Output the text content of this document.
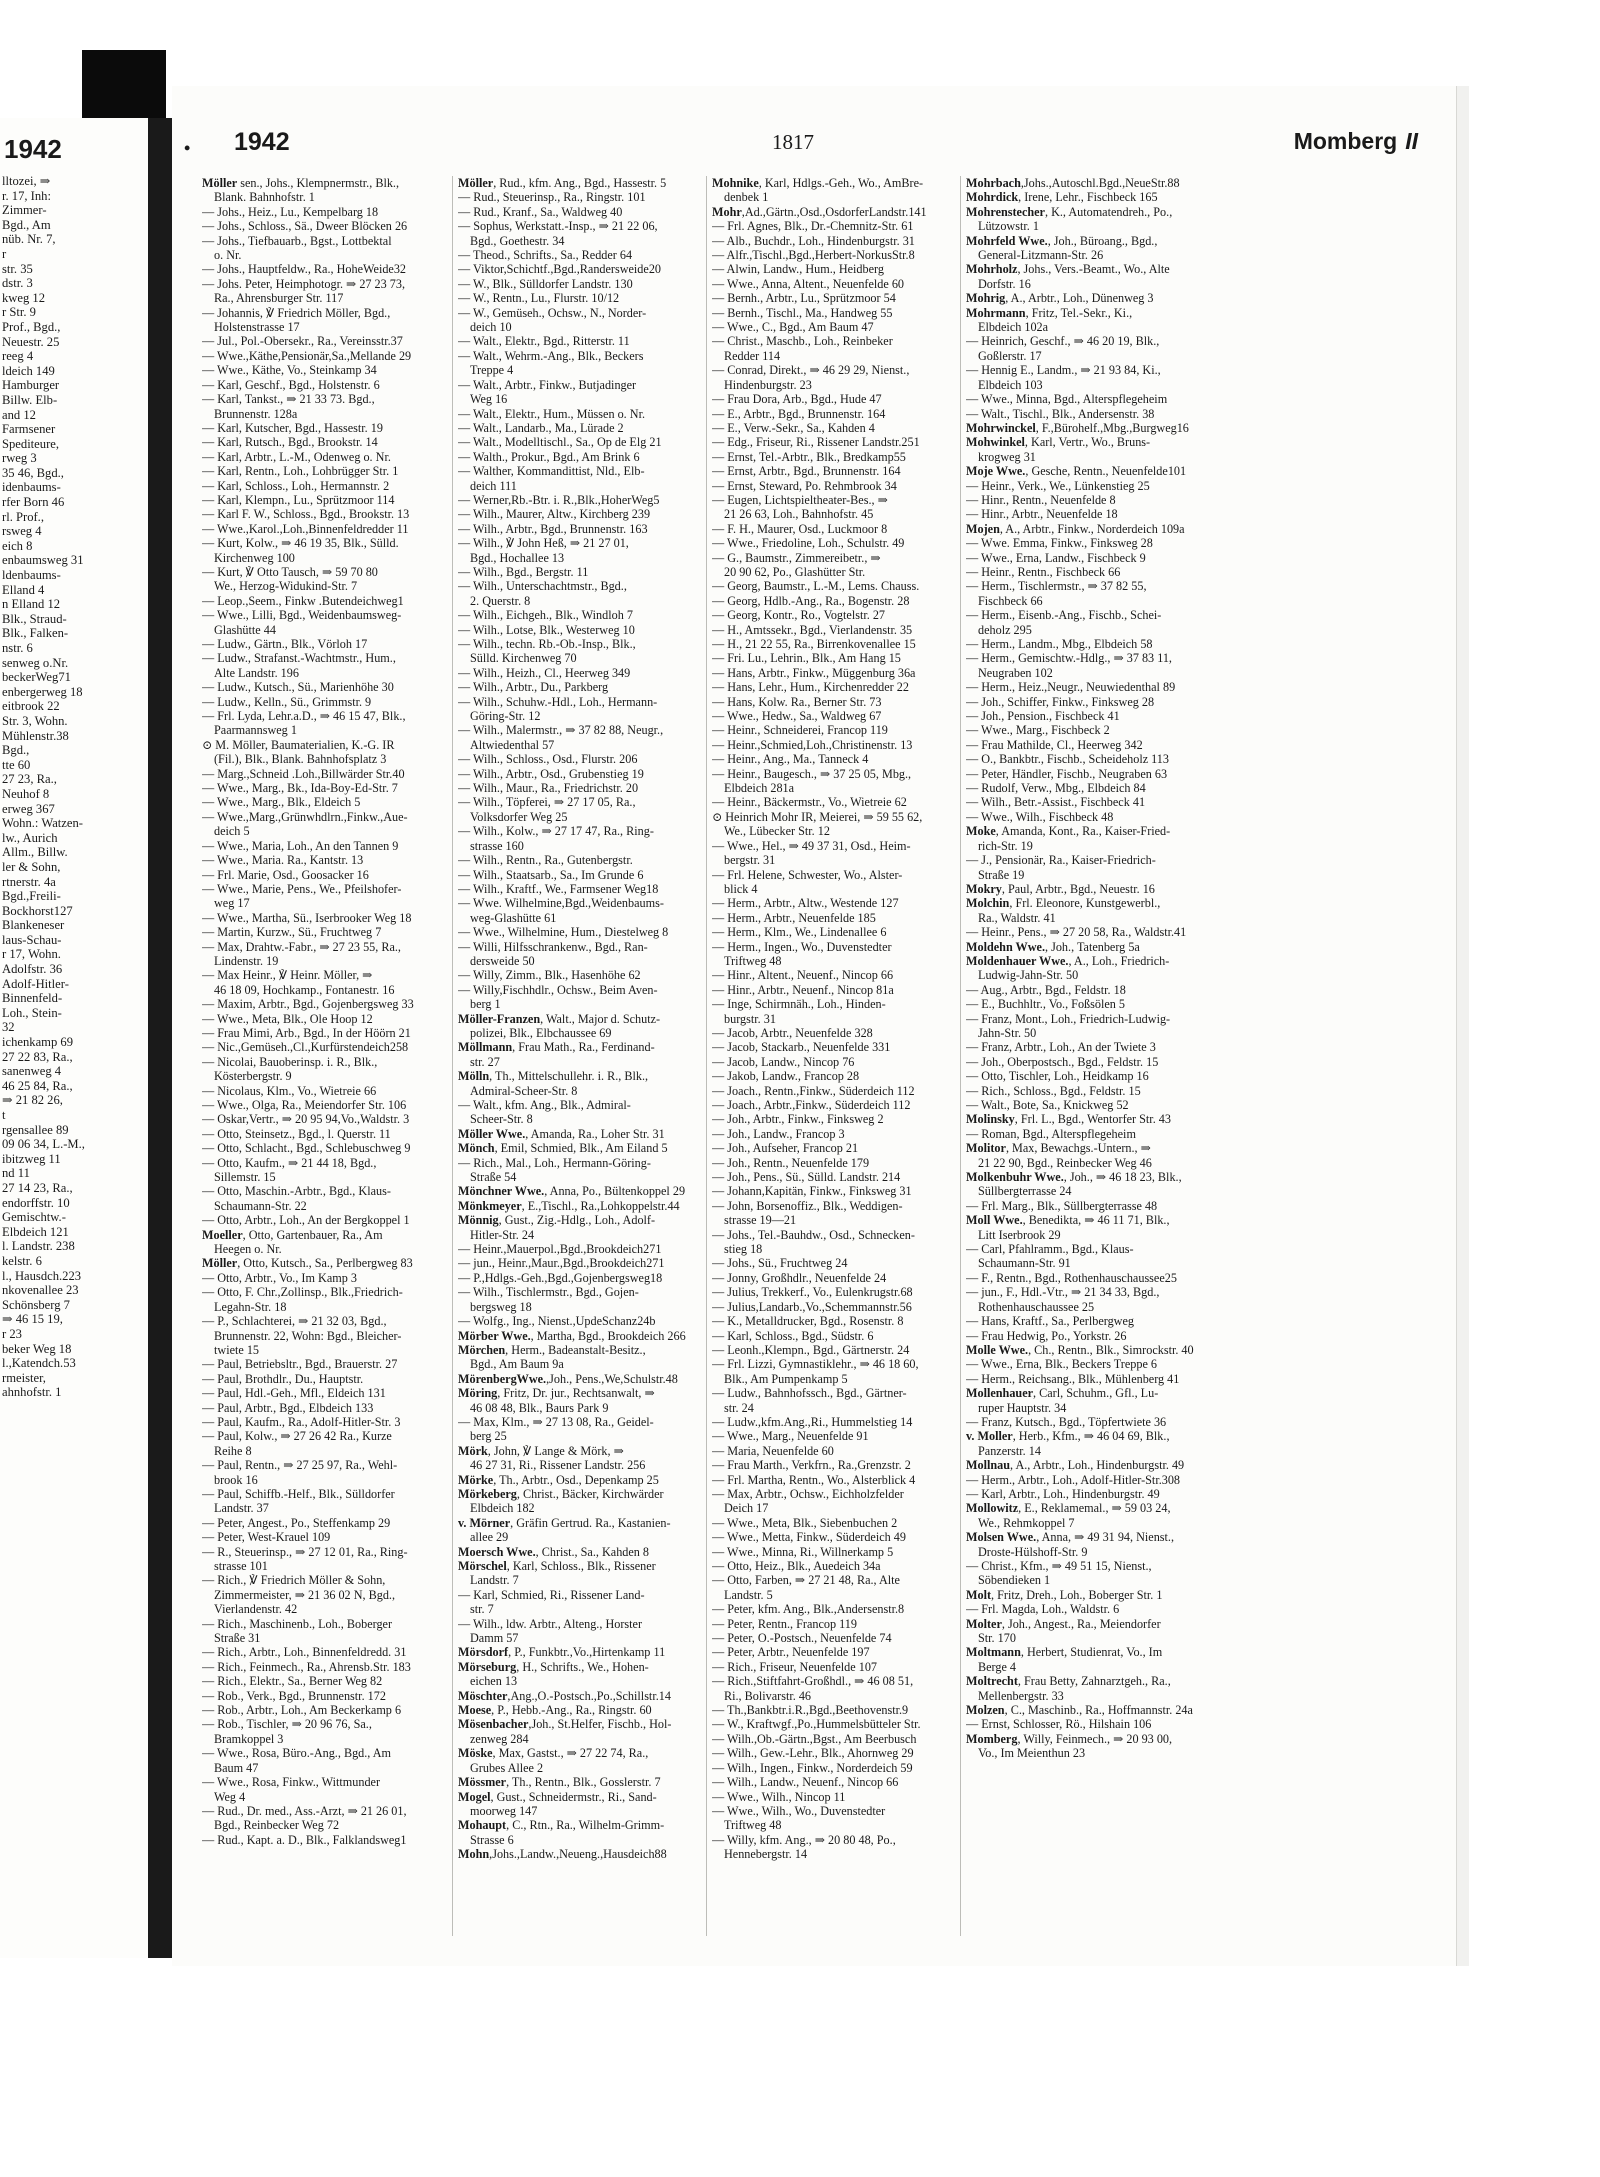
1942
lltozei, ⇒
r. 17, Inh:
Zimmer-
Bgd., Am
nüb. Nr. 7,
r
str. 35
dstr. 3
kweg 12
r Str. 9
Prof., Bgd.,
Neuestr. 25
reeg 4
ldeich 149
Hamburger
Billw. Elb-
and 12
Farmsener
Spediteure,
rweg 3
35 46, Bgd.,
idenbaums-
rfer Born 46
rl. Prof.,
rsweg 4
eich 8
enbaumsweg 31
ldenbaums-
Elland 4
n Elland 12
Blk., Straud-
Blk., Falken-
nstr. 6
senweg o.Nr.
beckerWeg71
enbergerweg 18
eitbrook 22
Str. 3, Wohn.
Mühlenstr.38
Bgd.,
tte 60
27 23, Ra.,
Neuhof 8
erweg 367
Wohn.: Watzen-
lw., Aurich
Allm., Billw.
ler & Sohn,
rtnerstr. 4a
Bgd.,Freili-
Bockhorst127
Blankeneser
laus-Schau-
r 17, Wohn.
Adolfstr. 36
Adolf-Hitler-
Binnenfeld-
Loh., Stein-
32
ichenkamp 69
27 22 83, Ra.,
sanenweg 4
46 25 84, Ra.,
⇒ 21 82 26,
t
rgensallee 89
09 06 34, L.-M.,
ibitzweg 11
nd 11
27 14 23, Ra.,
endorffstr. 10
Gemischtw.-
Elbdeich 121
l. Landstr. 238
kelstr. 6
l., Hausdch.223
nkovenallee 23
Schönsberg 7
⇒ 46 15 19,
r 23
beker Weg 18
l.,Katendch.53
rmeister,
ahnhofstr. 1
• 1942	1817	Momberg II
Möller sen., Johs., Klempnermstr., Blk.,
Blank. Bahnhofstr. 1
— Johs., Heiz., Lu., Kempelbarg 18
— Johs., Schloss., Sä., Dweer Blöcken 26
— Johs., Tiefbauarb., Bgst., Lottbektal
o. Nr.
— Johs., Hauptfeldw., Ra., HoheWeide32
— Johs. Peter, Heimphotogr. ⇒ 27 23 73,
Ra., Ahrensburger Str. 117
— Johannis, ℣ Friedrich Möller, Bgd.,
Holstenstrasse 17
— Jul., Pol.-Obersekr., Ra., Vereinsstr.37
— Wwe.,Käthe,Pensionär,Sa.,Mellande 29
— Wwe., Käthe, Vo., Steinkamp 34
— Karl, Geschf., Bgd., Holstenstr. 6
— Karl, Tankst., ⇒ 21 33 73. Bgd.,
Brunnenstr. 128a
— Karl, Kutscher, Bgd., Hassestr. 19
— Karl, Rutsch., Bgd., Brookstr. 14
— Karl, Arbtr., L.-M., Odenweg o. Nr.
— Karl, Rentn., Loh., Lohbrügger Str. 1
— Karl, Schloss., Loh., Hermannstr. 2
— Karl, Klempn., Lu., Sprützmoor 114
— Karl F. W., Schloss., Bgd., Brookstr. 13
— Wwe.,Karol.,Loh.,Binnenfeldredder 11
— Kurt, Kolw., ⇒ 46 19 35, Blk., Sülld.
Kirchenweg 100
— Kurt, ℣ Otto Tausch, ⇒ 59 70 80
We., Herzog-Widukind-Str. 7
— Leop.,Seem., Finkw .Butendeichweg1
— Wwe., Lilli, Bgd., Weidenbaumsweg-
Glashütte 44
— Ludw., Gärtn., Blk., Vörloh 17
— Ludw., Strafanst.-Wachtmstr., Hum.,
Alte Landstr. 196
— Ludw., Kutsch., Sü., Marienhöhe 30
— Ludw., Kelln., Sü., Grimmstr. 9
— Frl. Lyda, Lehr.a.D., ⇒ 46 15 47, Blk.,
Paarmannsweg 1
⊙ M. Möller, Baumaterialien, K.-G. IR
(Fil.), Blk., Blank. Bahnhofsplatz 3
— Marg.,Schneid .Loh.,Billwärder Str.40
— Wwe., Marg., Bk., Ida-Boy-Ed-Str. 7
— Wwe., Marg., Blk., Eldeich 5
— Wwe.,Marg.,Grünwhdlrn.,Finkw.,Aue-
deich 5
— Wwe., Maria, Loh., An den Tannen 9
— Wwe., Maria. Ra., Kantstr. 13
— Frl. Marie, Osd., Goosacker 16
— Wwe., Marie, Pens., We., Pfeilshofer-
weg 17
— Wwe., Martha, Sü., Iserbrooker Weg 18
— Martin, Kurzw., Sü., Fruchtweg 7
— Max, Drahtw.-Fabr., ⇒ 27 23 55, Ra.,
Lindenstr. 19
— Max Heinr., ℣ Heinr. Möller, ⇒
46 18 09, Hochkamp., Fontanestr. 16
— Maxim, Arbtr., Bgd., Gojenbergsweg 33
— Wwe., Meta, Blk., Ole Hoop 12
— Frau Mimi, Arb., Bgd., In der Höörn 21
— Nic.,Gemüseh.,Cl.,Kurfürstendeich258
— Nicolai, Bauoberinsp. i. R., Blk.,
Kösterbergstr. 9
— Nicolaus, Klm., Vo., Wietreie 66
— Wwe., Olga, Ra., Meiendorfer Str. 106
— Oskar,Vertr., ⇒ 20 95 94,Vo.,Waldstr. 3
— Otto, Steinsetz., Bgd., l. Querstr. 11
— Otto, Schlacht., Bgd., Schlebuschweg 9
— Otto, Kaufm., ⇒ 21 44 18, Bgd.,
Sillemstr. 15
— Otto, Maschin.-Arbtr., Bgd., Klaus-
Schaumann-Str. 22
— Otto, Arbtr., Loh., An der Bergkoppel 1
Moeller, Otto, Gartenbauer, Ra., Am
Heegen o. Nr.
Möller, Otto, Kutsch., Sa., Perlbergweg 83
— Otto, Arbtr., Vo., Im Kamp 3
— Otto, F. Chr.,Zollinsp., Blk.,Friedrich-
Legahn-Str. 18
— P., Schlachterei, ⇒ 21 32 03, Bgd.,
Brunnenstr. 22, Wohn: Bgd., Bleicher-
twiete 15
— Paul, Betriebsltr., Bgd., Brauerstr. 27
— Paul, Brothdlr., Du., Hauptstr.
— Paul, Hdl.-Geh., Mfl., Eldeich 131
— Paul, Arbtr., Bgd., Elbdeich 133
— Paul, Kaufm., Ra., Adolf-Hitler-Str. 3
— Paul, Kolw., ⇒ 27 26 42 Ra., Kurze
Reihe 8
— Paul, Rentn., ⇒ 27 25 97, Ra., Wehl-
brook 16
— Paul, Schiffb.-Helf., Blk., Sülldorfer
Landstr. 37
— Peter, Angest., Po., Steffenkamp 29
— Peter, West-Krauel 109
— R., Steuerinsp., ⇒ 27 12 01, Ra., Ring-
strasse 101
— Rich., ℣ Friedrich Möller & Sohn,
Zimmermeister, ⇒ 21 36 02 N, Bgd.,
Vierlandenstr. 42
— Rich., Maschinenb., Loh., Boberger
Straße 31
— Rich., Arbtr., Loh., Binnenfeldredd. 31
— Rich., Feinmech., Ra., Ahrensb.Str. 183
— Rich., Elektr., Sa., Berner Weg 82
— Rob., Verk., Bgd., Brunnenstr. 172
— Rob., Arbtr., Loh., Am Beckerkamp 6
— Rob., Tischler, ⇒ 20 96 76, Sa.,
Bramkoppel 3
— Wwe., Rosa, Büro.-Ang., Bgd., Am
Baum 47
— Wwe., Rosa, Finkw., Wittmunder
Weg 4
— Rud., Dr. med., Ass.-Arzt, ⇒ 21 26 01,
Bgd., Reinbecker Weg 72
— Rud., Kapt. a. D., Blk., Falklandsweg1
Möller, Rud., kfm. Ang., Bgd., Hassestr. 5
— Rud., Steuerinsp., Ra., Ringstr. 101
— Rud., Kranf., Sa., Waldweg 40
— Sophus, Werkstatt.-Insp., ⇒ 21 22 06,
Bgd., Goethestr. 34
— Theod., Schrifts., Sa., Redder 64
— Viktor,Schichtf.,Bgd.,Randersweide20
— W., Blk., Sülldorfer Landstr. 130
— W., Rentn., Lu., Flurstr. 10/12
— W., Gemüseh., Ochsw., N., Norder-
deich 10
— Walt., Elektr., Bgd., Ritterstr. 11
— Walt., Wehrm.-Ang., Blk., Beckers
Treppe 4
— Walt., Arbtr., Finkw., Butjadinger
Weg 16
— Walt., Elektr., Hum., Müssen o. Nr.
— Walt., Landarb., Ma., Lürade 2
— Walt., Modelltischl., Sa., Op de Elg 21
— Walth., Prokur., Bgd., Am Brink 6
— Walther, Kommandittist, Nld., Elb-
deich 111
— Werner,Rb.-Btr. i. R.,Blk.,HoherWeg5
— Wilh., Maurer, Altw., Kirchberg 239
— Wilh., Arbtr., Bgd., Brunnenstr. 163
— Wilh., ℣ John Heß, ⇒ 21 27 01,
Bgd., Hochallee 13
— Wilh., Bgd., Bergstr. 11
— Wilh., Unterschachtmstr., Bgd.,
2. Querstr. 8
— Wilh., Eichgeh., Blk., Windloh 7
— Wilh., Lotse, Blk., Westerweg 10
— Wilh., techn. Rb.-Ob.-Insp., Blk.,
Sülld. Kirchenweg 70
— Wilh., Heizh., Cl., Heerweg 349
— Wilh., Arbtr., Du., Parkberg
— Wilh., Schuhw.-Hdl., Loh., Hermann-
Göring-Str. 12
— Wilh., Malermstr., ⇒ 37 82 88, Neugr.,
Altwiedenthal 57
— Wilh., Schloss., Osd., Flurstr. 206
— Wilh., Arbtr., Osd., Grubenstieg 19
— Wilh., Maur., Ra., Friedrichstr. 20
— Wilh., Töpferei, ⇒ 27 17 05, Ra.,
Volksdorfer Weg 25
— Wilh., Kolw., ⇒ 27 17 47, Ra., Ring-
strasse 160
— Wilh., Rentn., Ra., Gutenbergstr.
— Wilh., Staatsarb., Sa., Im Grunde 6
— Wilh., Kraftf., We., Farmsener Weg18
— Wwe. Wilhelmine,Bgd.,Weidenbaums-
weg-Glashütte 61
— Wwe., Wilhelmine, Hum., Diestelweg 8
— Willi, Hilfsschrankenw., Bgd., Ran-
dersweide 50
— Willy, Zimm., Blk., Hasenhöhe 62
— Willy,Fischhdlr., Ochsw., Beim Aven-
berg 1
Möller-Franzen, Walt., Major d. Schutz-
polizei, Blk., Elbchaussee 69
Möllmann, Frau Math., Ra., Ferdinand-
str. 27
Mölln, Th., Mittelschullehr. i. R., Blk.,
Admiral-Scheer-Str. 8
— Walt., kfm. Ang., Blk., Admiral-
Scheer-Str. 8
Möller Wwe., Amanda, Ra., Loher Str. 31
Mönch, Emil, Schmied, Blk., Am Eiland 5
— Rich., Mal., Loh., Hermann-Göring-
Straße 54
Mönchner Wwe., Anna, Po., Bültenkoppel 29
Mönkmeyer, E.,Tischl., Ra.,Lohkoppelstr.44
Mönnig, Gust., Zig.-Hdlg., Loh., Adolf-
Hitler-Str. 24
— Heinr.,Mauerpol.,Bgd.,Brookdeich271
— jun., Heinr.,Maur.,Bgd.,Brookdeich271
— P.,Hdlgs.-Geh.,Bgd.,Gojenbergsweg18
— Wilh., Tischlermstr., Bgd., Gojen-
bergsweg 18
— Wolfg., Ing., Nienst.,UpdeSchanz24b
Mörber Wwe., Martha, Bgd., Brookdeich 266
Mörchen, Herm., Badeanstalt-Besitz.,
Bgd., Am Baum 9a
MörenbergWwe.,Joh., Pens.,We,Schulstr.48
Möring, Fritz, Dr. jur., Rechtsanwalt, ⇒
46 08 48, Blk., Baurs Park 9
— Max, Klm., ⇒ 27 13 08, Ra., Geidel-
berg 25
Mörk, John, ℣ Lange & Mörk, ⇒
46 27 31, Ri., Rissener Landstr. 256
Mörke, Th., Arbtr., Osd., Depenkamp 25
Mörkeberg, Christ., Bäcker, Kirchwärder
Elbdeich 182
v. Mörner, Gräfin Gertrud. Ra., Kastanien-
allee 29
Moersch Wwe., Christ., Sa., Kahden 8
Mörschel, Karl, Schloss., Blk., Rissener
Landstr. 7
— Karl, Schmied, Ri., Rissener Land-
str. 7
— Wilh., ldw. Arbtr., Alteng., Horster
Damm 57
Mörsdorf, P., Funkbtr.,Vo.,Hirtenkamp 11
Mörseburg, H., Schrifts., We., Hohen-
eichen 13
Möschter,Ang.,O.-Postsch.,Po.,Schillstr.14
Moese, P., Hebb.-Ang., Ra., Ringstr. 60
Mösenbacher,Joh., St.Helfer, Fischb., Hol-
zenweg 284
Möske, Max, Gastst., ⇒ 27 22 74, Ra.,
Grubes Allee 2
Mössmer, Th., Rentn., Blk., Gosslerstr. 7
Mogel, Gust., Schneidermstr., Ri., Sand-
moorweg 147
Mohaupt, C., Rtn., Ra., Wilhelm-Grimm-
Strasse 6
Mohn,Johs.,Landw.,Neueng.,Hausdeich88
Mohnike, Karl, Hdlgs.-Geh., Wo., AmBre-
denbek 1
Mohr,Ad.,Gärtn.,Osd.,OsdorferLandstr.141
— Frl. Agnes, Blk., Dr.-Chemnitz-Str. 61
— Alb., Buchdr., Loh., Hindenburgstr. 31
— Alfr.,Tischl.,Bgd.,Herbert-NorkusStr.8
— Alwin, Landw., Hum., Heidberg
— Wwe., Anna, Altent., Neuenfelde 60
— Bernh., Arbtr., Lu., Sprützmoor 54
— Bernh., Tischl., Ma., Handweg 55
— Wwe., C., Bgd., Am Baum 47
— Christ., Maschb., Loh., Reinbeker
Redder 114
— Conrad, Direkt., ⇒ 46 29 29, Nienst.,
Hindenburgstr. 23
— Frau Dora, Arb., Bgd., Hude 47
— E., Arbtr., Bgd., Brunnenstr. 164
— E., Verw.-Sekr., Sa., Kahden 4
— Edg., Friseur, Ri., Rissener Landstr.251
— Ernst, Tel.-Arbtr., Blk., Bredkamp55
— Ernst, Arbtr., Bgd., Brunnenstr. 164
— Ernst, Steward, Po. Rehmbrook 34
— Eugen, Lichtspieltheater-Bes., ⇒
21 26 63, Loh., Bahnhofstr. 45
— F. H., Maurer, Osd., Luckmoor 8
— Wwe., Friedoline, Loh., Schulstr. 49
— G., Baumstr., Zimmereibetr., ⇒
20 90 62, Po., Glashütter Str.
— Georg, Baumstr., L.-M., Lems. Chauss.
— Georg, Hdlb.-Ang., Ra., Bogenstr. 28
— Georg, Kontr., Ro., Vogtelstr. 27
— H., Amtssekr., Bgd., Vierlandenstr. 35
— H., 21 22 55, Ra., Birrenkovenallee 15
— Fri. Lu., Lehrin., Blk., Am Hang 15
— Hans, Arbtr., Finkw., Müggenburg 36a
— Hans, Lehr., Hum., Kirchenredder 22
— Hans, Kolw. Ra., Berner Str. 73
— Wwe., Hedw., Sa., Waldweg 67
— Heinr., Schneiderei, Francop 119
— Heinr.,Schmied,Loh.,Christinenstr. 13
— Heinr., Ang., Ma., Tanneck 4
— Heinr., Baugesch., ⇒ 37 25 05, Mbg.,
Elbdeich 281a
— Heinr., Bäckermstr., Vo., Wietreie 62
⊙ Heinrich Mohr IR, Meierei, ⇒ 59 55 62,
We., Lübecker Str. 12
— Wwe., Hel., ⇒ 49 37 31, Osd., Heim-
bergstr. 31
— Frl. Helene, Schwester, Wo., Alster-
blick 4
— Herm., Arbtr., Altw., Westende 127
— Herm., Arbtr., Neuenfelde 185
— Herm., Klm., We., Lindenallee 6
— Herm., Ingen., Wo., Duvenstedter
Triftweg 48
— Hinr., Altent., Neuenf., Nincop 66
— Hinr., Arbtr., Neuenf., Nincop 81a
— Inge, Schirmnäh., Loh., Hinden-
burgstr. 31
— Jacob, Arbtr., Neuenfelde 328
— Jacob, Stackarb., Neuenfelde 331
— Jacob, Landw., Nincop 76
— Jakob, Landw., Francop 28
— Joach., Rentn.,Finkw., Süderdeich 112
— Joach., Arbtr.,Finkw., Süderdeich 112
— Joh., Arbtr., Finkw., Finkswеg 2
— Joh., Landw., Francop 3
— Joh., Aufseher, Francop 21
— Joh., Rentn., Neuenfelde 179
— Joh., Pens., Sü., Sülld. Landstr. 214
— Johann,Kapitän, Finkw., Finksweg 31
— John, Borsenoffiz., Blk., Weddigen-
strasse 19—21
— Johs., Tel.-Bauhdw., Osd., Schnecken-
stieg 18
— Johs., Sü., Fruchtweg 24
— Jonny, Großhdlr., Neuenfelde 24
— Julius, Trekkerf., Vo., Eulenkrugstr.68
— Julius,Landarb.,Vo.,Schemmannstr.56
— K., Metalldrucker, Bgd., Rosenstr. 8
— Karl, Schloss., Bgd., Südstr. 6
— Leonh.,Klempn., Bgd., Gärtnerstr. 24
— Frl. Lizzi, Gymnastiklehr., ⇒ 46 18 60,
Blk., Am Pumpenkamp 5
— Ludw., Bahnhofssch., Bgd., Gärtner-
str. 24
— Ludw.,kfm.Ang.,Ri., Hummelstieg 14
— Wwe., Marg., Neuenfelde 91
— Maria, Neuenfelde 60
— Frau Marth., Verkfrn., Ra.,Grenzstr. 2
— Frl. Martha, Rentn., Wo., Alsterblick 4
— Max, Arbtr., Ochsw., Eichholzfelder
Deich 17
— Wwe., Meta, Blk., Siebenbuchen 2
— Wwe., Metta, Finkw., Süderdeich 49
— Wwe., Minna, Ri., Willnerkamp 5
— Otto, Heiz., Blk., Auedeich 34a
— Otto, Farben, ⇒ 27 21 48, Ra., Alte
Landstr. 5
— Peter, kfm. Ang., Blk.,Andersenstr.8
— Peter, Rentn., Francop 119
— Peter, O.-Postsch., Neuenfelde 74
— Peter, Arbtr., Neuenfelde 197
— Rich., Friseur, Neuenfelde 107
— Rich.,Stiftfahrt-Großhdl., ⇒ 46 08 51,
Ri., Bolivarstr. 46
— Th.,Bankbtr.i.R.,Bgd.,Beethovenstr.9
— W., Kraftwgf.,Po.,Hummelsbütteler Str.
— Wilh.,Ob.-Gärtn.,Bgst., Am Beerbusch
— Wilh., Gew.-Lehr., Blk., Ahornweg 29
— Wilh., Ingen., Finkw., Norderdeich 59
— Wilh., Landw., Neuenf., Nincop 66
— Wwe., Wilh., Nincop 11
— Wwe., Wilh., Wo., Duvenstedter
Triftweg 48
— Willy, kfm. Ang., ⇒ 20 80 48, Po.,
Hennebergstr. 14
Mohrbach,Johs.,Autoschl.Bgd.,NeueStr.88
Mohrdick, Irene, Lehr., Fischbeck 165
Mohrenstecher, K., Automatendreh., Po.,
Lützowstr. 1
Mohrfeld Wwe., Joh., Büroang., Bgd.,
General-Litzmann-Str. 26
Mohrholz, Johs., Vers.-Beamt., Wo., Alte
Dorfstr. 16
Mohrig, A., Arbtr., Loh., Dünenweg 3
Mohrmann, Fritz, Tel.-Sekr., Ki.,
Elbdeich 102a
— Heinrich, Geschf., ⇒ 46 20 19, Blk.,
Goßlerstr. 17
— Hennig E., Landm., ⇒ 21 93 84, Ki.,
Elbdeich 103
— Wwe., Minna, Bgd., Alterspflegeheim
— Walt., Tischl., Blk., Andersenstr. 38
Mohrwinckel, F.,Bürohelf.,Mbg.,Burgweg16
Mohwinkel, Karl, Vertr., Wo., Bruns-
krogweg 31
Moje Wwe., Gesche, Rentn., Neuenfelde101
— Heinr., Verk., We., Lünkenstieg 25
— Hinr., Rentn., Neuenfelde 8
— Hinr., Arbtr., Neuenfelde 18
Mojen, A., Arbtr., Finkw., Norderdeich 109a
— Wwe. Emma, Finkw., Finksweg 28
— Wwe., Erna, Landw., Fischbeck 9
— Heinr., Rentn., Fischbeck 66
— Herm., Tischlermstr., ⇒ 37 82 55,
Fischbeck 66
— Herm., Eisenb.-Ang., Fischb., Schei-
deholz 295
— Herm., Landm., Mbg., Elbdeich 58
— Herm., Gemischtw.-Hdlg., ⇒ 37 83 11,
Neugraben 102
— Herm., Heiz.,Neugr., Neuwiedenthal 89
— Joh., Schiffer, Finkw., Finksweg 28
— Joh., Pension., Fischbeck 41
— Wwe., Marg., Fischbeck 2
— Frau Mathilde, Cl., Heerweg 342
— O., Bankbtr., Fischb., Scheideholz 113
— Peter, Händler, Fischb., Neugraben 63
— Rudolf, Verw., Mbg., Elbdeich 84
— Wilh., Betr.-Assist., Fischbeck 41
— Wwe., Wilh., Fischbeck 48
Moke, Amanda, Kont., Ra., Kaiser-Fried-
rich-Str. 19
— J., Pensionär, Ra., Kaiser-Friedrich-
Straße 19
Mokry, Paul, Arbtr., Bgd., Neuestr. 16
Molchin, Frl. Eleonore, Kunstgewerbl.,
Ra., Waldstr. 41
— Heinr., Pens., ⇒ 27 20 58, Ra., Waldstr.41
Moldehn Wwe., Joh., Tatenberg 5a
Moldenhauer Wwe., A., Loh., Friedrich-
Ludwig-Jahn-Str. 50
— Aug., Arbtr., Bgd., Feldstr. 18
— E., Buchhltr., Vo., Foßsölen 5
— Franz, Mont., Loh., Friedrich-Ludwig-
Jahn-Str. 50
— Franz, Arbtr., Loh., An der Twiete 3
— Joh., Oberpostsch., Bgd., Feldstr. 15
— Otto, Tischler, Loh., Heidkamp 16
— Rich., Schloss., Bgd., Feldstr. 15
— Walt., Bote, Sa., Knickweg 52
Molinsky, Frl. L., Bgd., Wentorfer Str. 43
— Roman, Bgd., Alterspflegeheim
Molitor, Max, Bewachgs.-Untern., ⇒
21 22 90, Bgd., Reinbecker Weg 46
Molkenbuhr Wwe., Joh., ⇒ 46 18 23, Blk.,
Süllbergterrasse 24
— Frl. Marg., Blk., Süllbergterrasse 48
Moll Wwe., Benedikta, ⇒ 46 11 71, Blk.,
Litt Iserbrook 29
— Carl, Pfahlramm., Bgd., Klaus-
Schaumann-Str. 91
— F., Rentn., Bgd., Rothenhauschaussee25
— jun., F., Hdl.-Vtr., ⇒ 21 34 33, Bgd.,
Rothenhauschaussee 25
— Hans, Kraftf., Sa., Perlbergweg
— Frau Hedwig, Po., Yorkstr. 26
Molle Wwe., Ch., Rentn., Blk., Simrockstr. 40
— Wwe., Erna, Blk., Beckers Treppe 6
— Herm., Reichsang., Blk., Mühlenberg 41
Mollenhauer, Carl, Schuhm., Gfl., Lu-
ruper Hauptstr. 34
— Franz, Kutsch., Bgd., Töpfertwiete 36
v. Moller, Herb., Kfm., ⇒ 46 04 69, Blk.,
Panzerstr. 14
Mollnau, A., Arbtr., Loh., Hindenburgstr. 49
— Herm., Arbtr., Loh., Adolf-Hitler-Str.308
— Karl, Arbtr., Loh., Hindenburgstr. 49
Mollowitz, E., Reklamemal., ⇒ 59 03 24,
We., Rehmkoppel 7
Molsen Wwe., Anna, ⇒ 49 31 94, Nienst.,
Droste-Hülshoff-Str. 9
— Christ., Kfm., ⇒ 49 51 15, Nienst.,
Söbendieken 1
Molt, Fritz, Dreh., Loh., Boberger Str. 1
— Frl. Magda, Loh., Waldstr. 6
Molter, Joh., Angest., Ra., Meiendorfer
Str. 170
Moltmann, Herbert, Studienrat, Vo., Im
Berge 4
Moltrecht, Frau Betty, Zahnarztgeh., Ra.,
Mellenbergstr. 33
Molzen, C., Maschinb., Ra., Hoffmannstr. 24a
— Ernst, Schlosser, Rö., Hilshain 106
Momberg, Willy, Feinmech., ⇒ 20 93 00,
Vo., Im Meienthun 23
